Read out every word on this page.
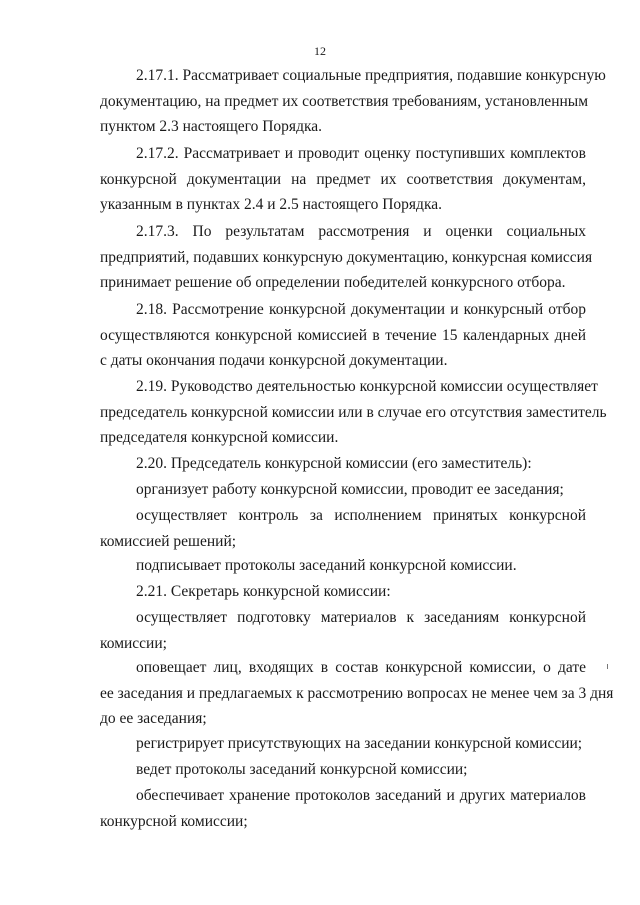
12

2.17.1. Рассматривает социальные предприятия, подавшие конкурсную
документацию, на предмет их соответствия требованиям, установленным
пунктом 2.3 настоящего Порядка.

2.17.2. Рассматривает и проводит оценку поступивших комплектов
конкурсной документации на предмет их соответствия документам,
указанным в пунктах 2.4 и 2.5 настоящего Порядка.

2.17.3. По результатам рассмотрения и оценки социальных
предприятий, подавших конкурсную документацию, конкурсная комиссия
принимает решение об определении победителей конкурсного отбора.

2.18. Рассмотрение конкурсной документации и конкурсный отбор
осуществляются конкурсной комиссией в течение 15 календарных дней
с даты окончания подачи конкурсной документации.

2.19. Руководство деятельностью конкурсной комиссии осуществляет
председатель конкурсной комиссии или в случае его отсутствия заместитель
председателя конкурсной комиссии.

2.20. Председатель конкурсной комиссии (его заместитель):

организует работу конкурсной комиссии, проводит ее заседания;

осуществляет контроль за исполнением принятых конкурсной
комиссией решений;

подписывает протоколы заседаний конкурсной комиссии.

2.21. Секретарь конкурсной комиссии:

осуществляет подготовку материалов к заседаниям конкурсной
комиссии;

оповещает лиц, входящих в состав конкурсной комиссии, о дате
ее заседания и предлагаемых к рассмотрению вопросах не менее чем за 3 дня
до ее заседания;

регистрирует присутствующих на заседании конкурсной комиссии;

ведет протоколы заседаний конкурсной комиссии;

обеспечивает хранение протоколов заседаний и других материалов
конкурсной комиссии;
